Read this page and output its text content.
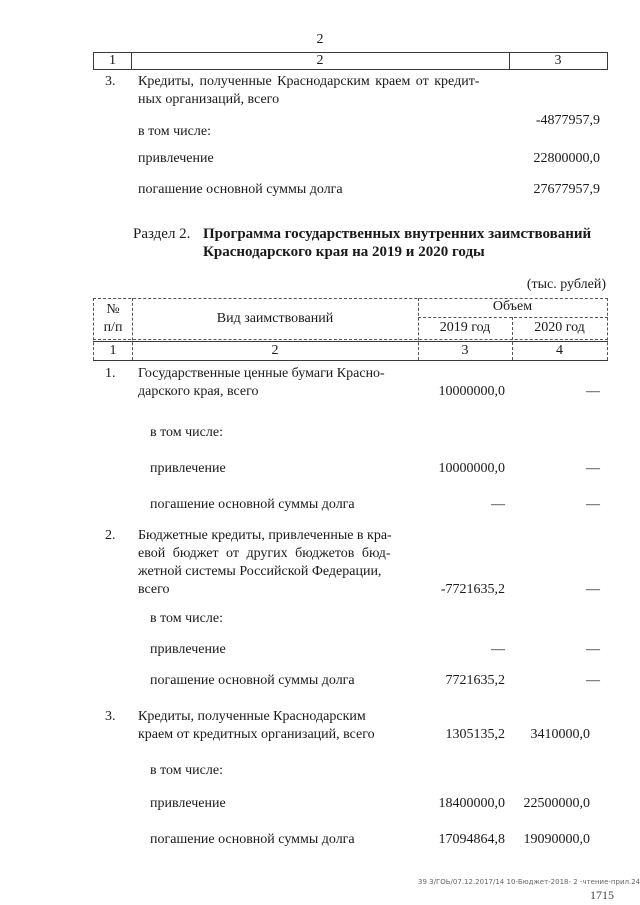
2
1	2	3
3. Кредиты, полученные Краснодарским краем от кредит-
ных организаций, всего
-4877957,9
в том числе:
привлечение	22800000,0
погашение основной суммы долга	27677957,9
Раздел 2. Программа государственных внутренних заимствований
Краснодарского края на 2019 и 2020 годы
(тыс. рублей)
№
п/п
Вид заимствований
Объем
2019 год	2020 год
1	2	3	4
1. Государственные ценные бумаги Красно-
дарского края, всего	10000000,0	—
в том числе:
привлечение	10000000,0	—
погашение основной суммы долга	—	—
2. Бюджетные кредиты, привлеченные в кра-
евой бюджет от других бюджетов бюд-
жетной системы Российской Федерации,
всего	-7721635,2	—
в том числе:
привлечение	—	—
погашение основной суммы долга	7721635,2	—
3. Кредиты, полученные Краснодарским
краем от кредитных организаций, всего	1305135,2	3410000,0
в том числе:
привлечение	18400000,0	22500000,0
погашение основной суммы долга	17094864,8	19090000,0
39 З/ГОЬ/07.12.2017/14 10-Бюджет-2018- 2 -чтение-прил.24
1715
